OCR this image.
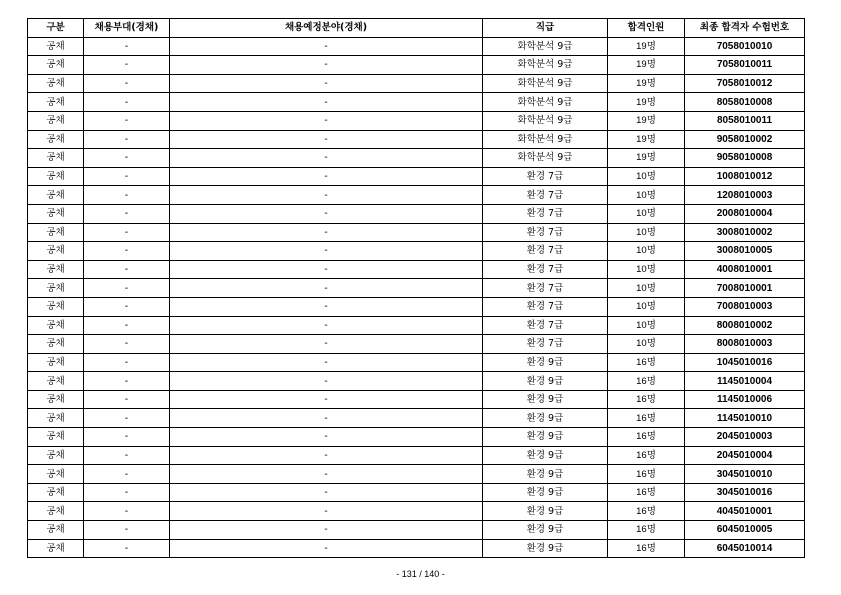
구분	채용부대(경채)	채용예정분야(경채)	직급	합격인원	최종 합격자 수험번호
공채	-	-	화학분석 9급	19명	7058010010
공채	-	-	화학분석 9급	19명	7058010011
공채	-	-	화학분석 9급	19명	7058010012
공채	-	-	화학분석 9급	19명	8058010008
공채	-	-	화학분석 9급	19명	8058010011
공채	-	-	화학분석 9급	19명	9058010002
공채	-	-	화학분석 9급	19명	9058010008
공채	-	-	환경 7급	10명	1008010012
공채	-	-	환경 7급	10명	1208010003
공채	-	-	환경 7급	10명	2008010004
공채	-	-	환경 7급	10명	3008010002
공채	-	-	환경 7급	10명	3008010005
공채	-	-	환경 7급	10명	4008010001
공채	-	-	환경 7급	10명	7008010001
공채	-	-	환경 7급	10명	7008010003
공채	-	-	환경 7급	10명	8008010002
공채	-	-	환경 7급	10명	8008010003
공채	-	-	환경 9급	16명	1045010016
공채	-	-	환경 9급	16명	1145010004
공채	-	-	환경 9급	16명	1145010006
공채	-	-	환경 9급	16명	1145010010
공채	-	-	환경 9급	16명	2045010003
공채	-	-	환경 9급	16명	2045010004
공채	-	-	환경 9급	16명	3045010010
공채	-	-	환경 9급	16명	3045010016
공채	-	-	환경 9급	16명	4045010001
공채	-	-	환경 9급	16명	6045010005
공채	-	-	환경 9급	16명	6045010014
- 131 / 140 -
